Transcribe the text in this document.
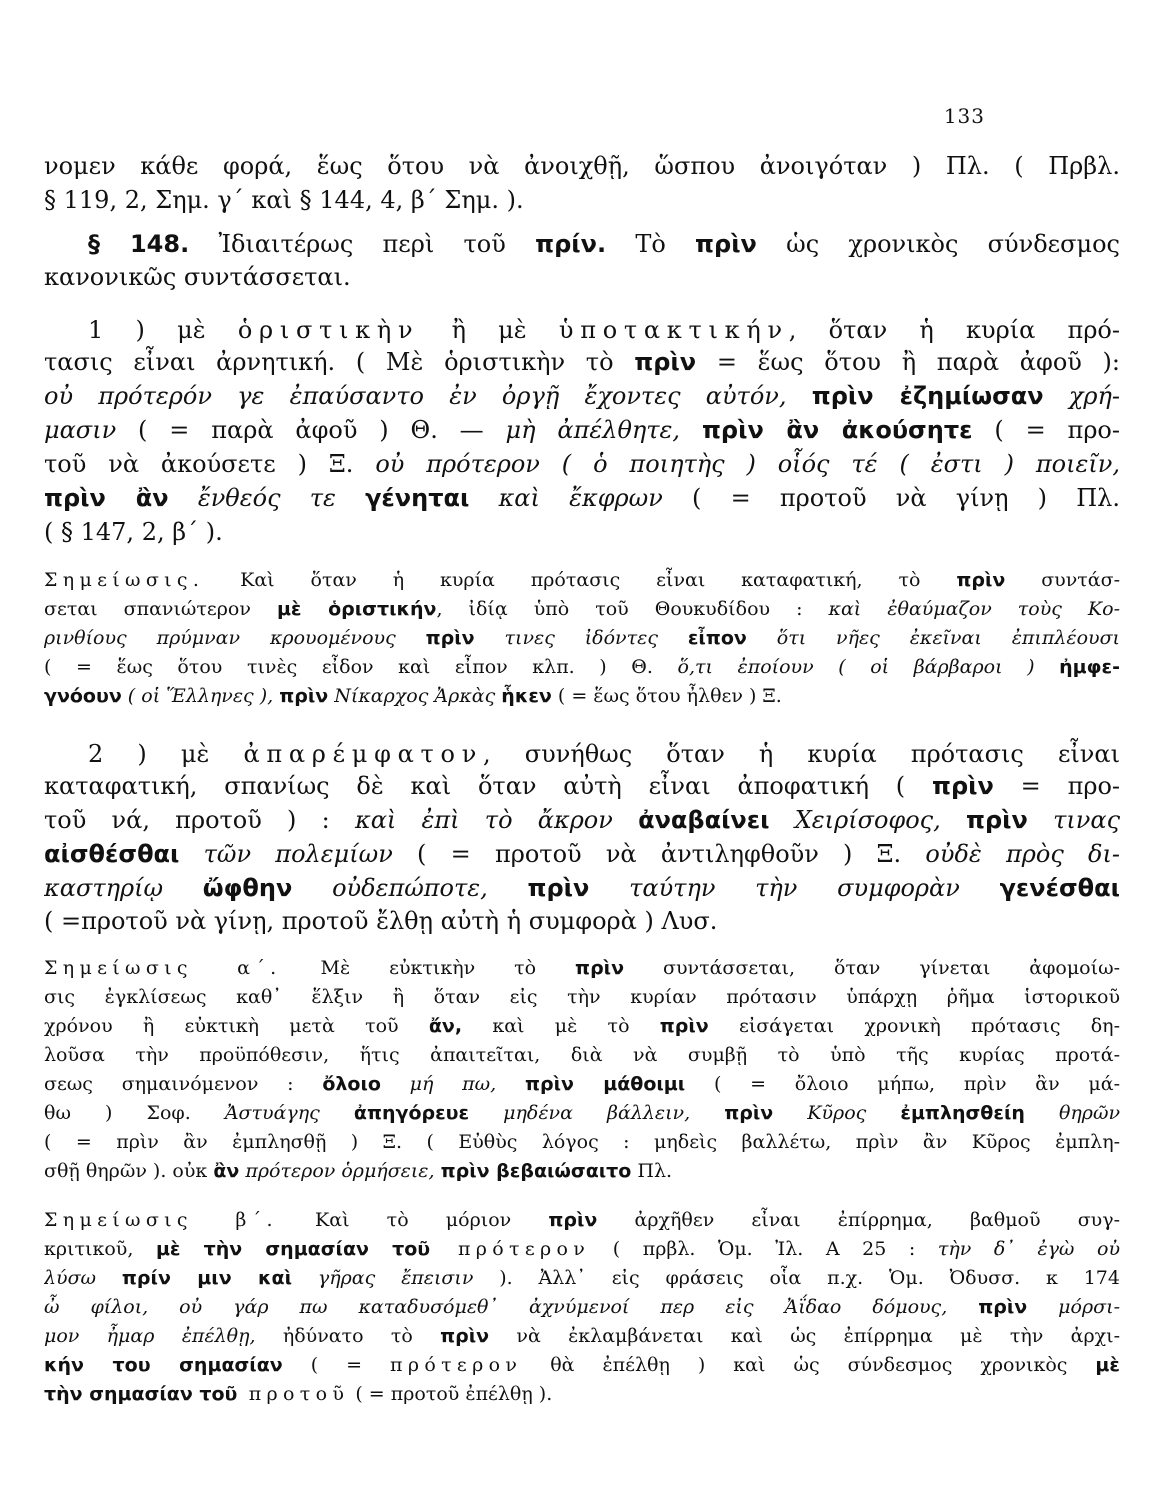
133
νομεν κάθε φορά, ἕως ὅτου νὰ ἀνοιχθῇ, ὥσπου ἀνοιγόταν ) Πλ. ( Πρβλ.
§ 119, 2, Σημ. γ΄ καὶ § 144, 4, β΄ Σημ. ).
§ 148. Ἰδιαιτέρως περὶ τοῦ πρίν. Τὸ πρὶν ὡς χρονικὸς σύνδεσμος
κανονικῶς συντάσσεται.
1 ) μὲ ὁριστικὴν ἢ μὲ ὑποτακτικήν, ὅταν ἡ κυρία πρό-
τασις εἶναι ἀρνητική. ( Μὲ ὁριστικὴν τὸ πρὶν = ἕως ὅτου ἢ παρὰ ἀφοῦ ):
οὐ πρότερόν γε ἐπαύσαντο ἐν ὀργῇ ἔχοντες αὐτόν, πρὶν ἐζημίωσαν χρή-
μασιν ( = παρὰ ἀφοῦ ) Θ. — μὴ ἀπέλθητε, πρὶν ἂν ἀκούσητε ( = προ-
τοῦ νὰ ἀκούσετε ) Ξ. οὐ πρότερον ( ὁ ποιητὴς ) οἷός τέ ( ἐστι ) ποιεῖν,
πρὶν ἂν ἔνθεός τε γένηται καὶ ἔκφρων ( = προτοῦ νὰ γίνῃ ) Πλ.
( § 147, 2, β΄ ).
Σημείωσις. Καὶ ὅταν ἡ κυρία πρότασις εἶναι καταφατική, τὸ πρὶν συντάσ-
σεται σπανιώτερον μὲ ὁριστικήν, ἰδίᾳ ὑπὸ τοῦ Θουκυδίδου : καὶ ἐθαύμαζον τοὺς Κο-
ρινθίους πρύμναν κρουομένους πρὶν τινες ἰδόντες εἶπον ὅτι νῆες ἐκεῖναι ἐπιπλέουσι
( = ἕως ὅτου τινὲς εἶδον καὶ εἶπον κλπ. ) Θ. ὅ,τι ἐποίουν ( οἱ βάρβαροι ) ἠμφε-
γνόουν ( οἱ Ἕλληνες ), πρὶν Νίκαρχος Ἀρκὰς ἧκεν ( = ἕως ὅτου ἦλθεν ) Ξ.
2 ) μὲ ἀπαρέμφατον, συνήθως ὅταν ἡ κυρία πρότασις εἶναι
καταφατική, σπανίως δὲ καὶ ὅταν αὐτὴ εἶναι ἀποφατική ( πρὶν = προ-
τοῦ νά, προτοῦ ) : καὶ ἐπὶ τὸ ἄκρον ἀναβαίνει Χειρίσοφος, πρὶν τινας
αἰσθέσθαι τῶν πολεμίων ( = προτοῦ νὰ ἀντιληφθοῦν ) Ξ. οὐδὲ πρὸς δι-
καστηρίῳ ὤφθην οὐδεπώποτε, πρὶν ταύτην τὴν συμφορὰν γενέσθαι
( =προτοῦ νὰ γίνῃ, προτοῦ ἔλθῃ αὐτὴ ἡ συμφορὰ ) Λυσ.
Σημείωσις α΄. Μὲ εὐκτικὴν τὸ πρὶν συντάσσεται, ὅταν γίνεται ἀφομοίω-
σις ἐγκλίσεως καθ᾽ ἕλξιν ἢ ὅταν εἰς τὴν κυρίαν πρότασιν ὑπάρχῃ ῥῆμα ἱστορικοῦ
χρόνου ἢ εὐκτικὴ μετὰ τοῦ ἄν, καὶ μὲ τὸ πρὶν εἰσάγεται χρονικὴ πρότασις δη-
λοῦσα τὴν προϋπόθεσιν, ἥτις ἀπαιτεῖται, διὰ νὰ συμβῇ τὸ ὑπὸ τῆς κυρίας προτά-
σεως σημαινόμενον : ὄλοιο μή πω, πρὶν μάθοιμι ( = ὄλοιο μήπω, πρὶν ἂν μά-
θω ) Σοφ. Ἀστυάγης ἀπηγόρευε μηδένα βάλλειν, πρὶν Κῦρος ἐμπλησθείη θηρῶν
( = πρὶν ἂν ἐμπλησθῇ ) Ξ. ( Εὐθὺς λόγος : μηδεὶς βαλλέτω, πρὶν ἂν Κῦρος ἐμπλη-
σθῇ θηρῶν ). οὐκ ἂν πρότερον ὁρμήσειε, πρὶν βεβαιώσαιτο Πλ.
Σημείωσις β΄. Καὶ τὸ μόριον πρὶν ἀρχῆθεν εἶναι ἐπίρρημα, βαθμοῦ συγ-
κριτικοῦ, μὲ τὴν σημασίαν τοῦ πρότερον ( πρβλ. Ὁμ. Ἰλ. Α 25 : τὴν δ᾽ ἐγὼ οὐ
λύσω πρίν μιν καὶ γῆρας ἔπεισιν ). Ἀλλ᾽ εἰς φράσεις οἷα π.χ. Ὁμ. Ὀδυσσ. κ 174
ὦ φίλοι, οὐ γάρ πω καταδυσόμεθ᾽ ἀχνύμενοί περ εἰς Ἀΐδαο δόμους, πρὶν μόρσι-
μον ἦμαρ ἐπέλθῃ, ἠδύνατο τὸ πρὶν νὰ ἐκλαμβάνεται καὶ ὡς ἐπίρρημα μὲ τὴν ἀρχι-
κήν του σημασίαν ( = πρότερον θὰ ἐπέλθῃ ) καὶ ὡς σύνδεσμος χρονικὸς μὲ
τὴν σημασίαν τοῦ προτοῦ ( = προτοῦ ἐπέλθῃ ).
